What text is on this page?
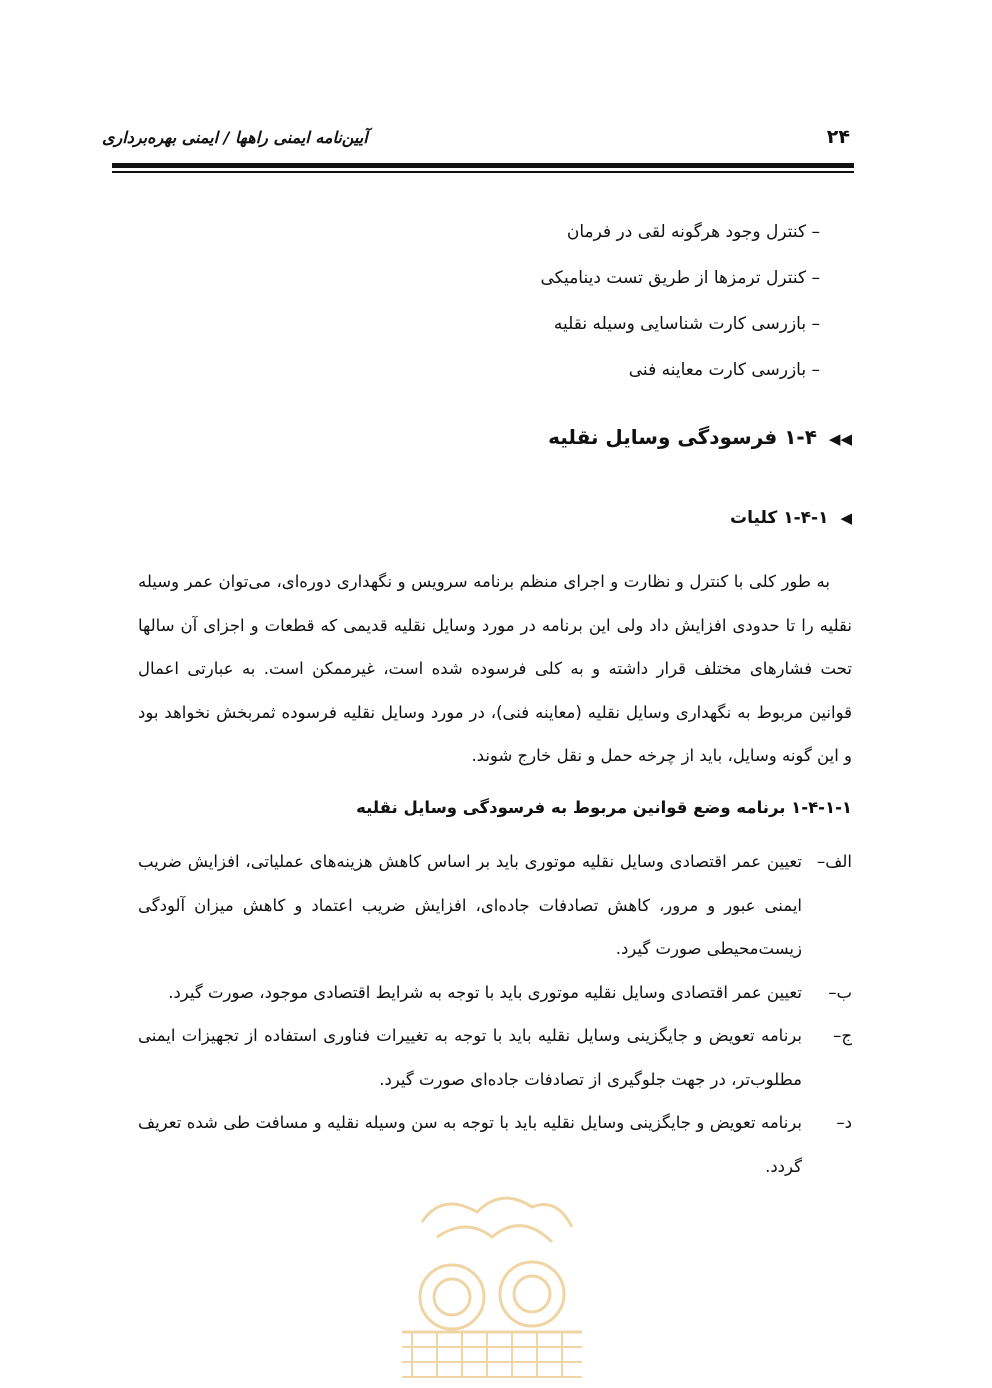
آیین‌نامه ایمنی راهها / ایمنی بهره‌برداری	۲۴
– کنترل وجود هرگونه لقی در فرمان
– کنترل ترمزها از طریق تست دینامیکی
– بازرسی کارت شناسایی وسیله نقلیه
– بازرسی کارت معاینه فنی
◀◀۱-۴ فرسودگی وسایل نقلیه
◀۱-۴-۱ کلیات
به طور کلی با کنترل و نظارت و اجرای منظم برنامه سرویس و نگهداری دوره‌ای، می‌توان عمر وسیله نقلیه را تا حدودی افزایش داد ولی این برنامه در مورد وسایل نقلیه قدیمی که قطعات و اجزای آن سالها تحت فشارهای مختلف قرار داشته و به کلی فرسوده شده است، غیرممکن است. به عبارتی اعمال قوانین مربوط به نگهداری وسایل نقلیه (معاینه فنی)، در مورد وسایل نقلیه فرسوده ثمربخش نخواهد بود و این گونه وسایل، باید از چرخه حمل و نقل خارج شوند.
۱-۴-۱-۱ برنامه وضع قوانین مربوط به فرسودگی وسایل نقلیه
الف–
تعیین عمر اقتصادی وسایل نقلیه موتوری باید بر اساس کاهش هزینه‌های عملیاتی، افزایش ضریب ایمنی عبور و مرور، کاهش تصادفات جاده‌ای، افزایش ضریب اعتماد و کاهش میزان آلودگی زیست‌محیطی صورت گیرد.
ب–
تعیین عمر اقتصادی وسایل نقلیه موتوری باید با توجه به شرایط اقتصادی موجود، صورت گیرد.
ج–
برنامه تعویض و جایگزینی وسایل نقلیه باید با توجه به تغییرات فناوری استفاده از تجهیزات ایمنی مطلوب‌تر، در جهت جلوگیری از تصادفات جاده‌ای صورت گیرد.
د–
برنامه تعویض و جایگزینی وسایل نقلیه باید با توجه به سن وسیله نقلیه و مسافت طی شده تعریف گردد.
